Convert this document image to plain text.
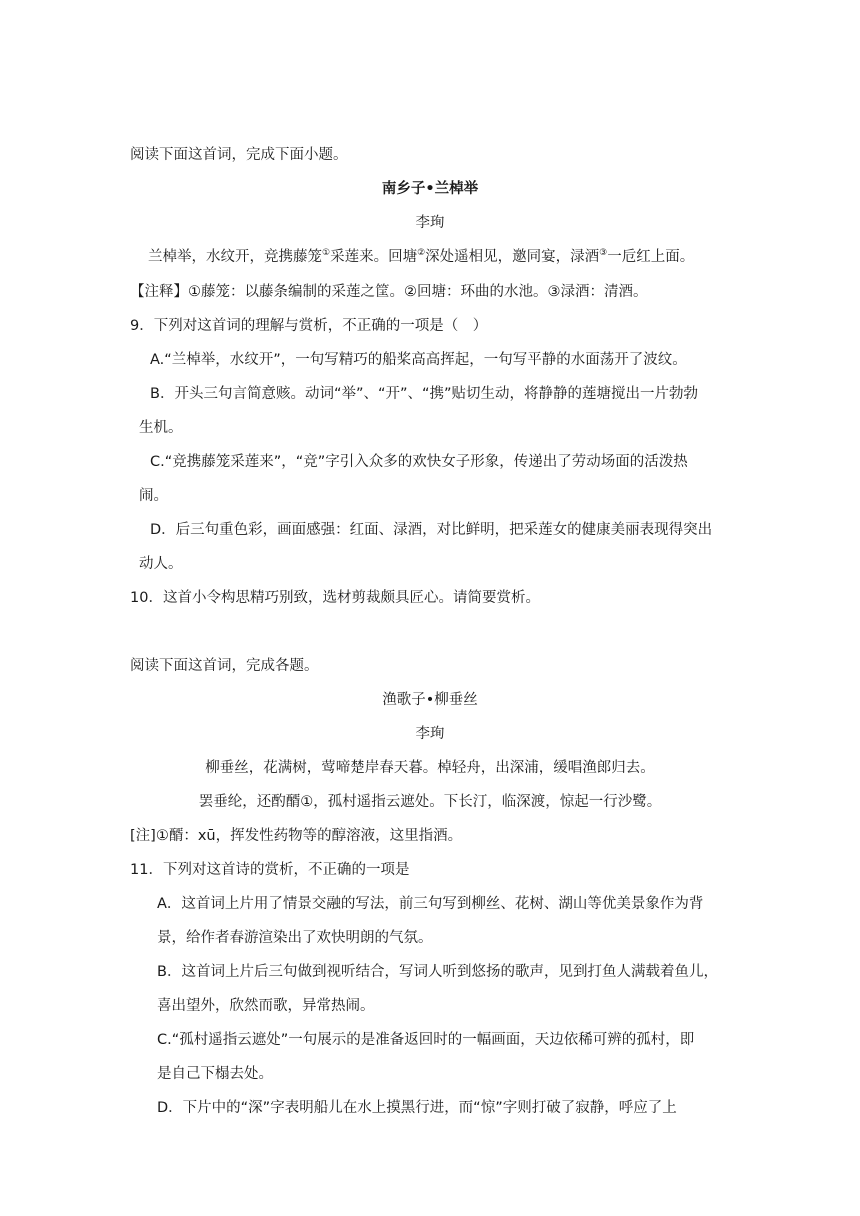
阅读下面这首词，完成下面小题。
南乡子•兰棹举
李珣
兰棹举，水纹开，竞携藤笼①采莲来。回塘②深处遥相见，邀同宴，渌酒③一卮红上面。
【注释】①藤笼：以藤条编制的采莲之筐。②回塘：环曲的水池。③渌酒：清酒。
9．下列对这首词的理解与赏析，不正确的一项是（　）
A.“兰棹举，水纹开”，一句写精巧的船桨高高挥起，一句写平静的水面荡开了波纹。
B．开头三句言简意赅。动词“举”、“开”、“携”贴切生动，将静静的莲塘搅出一片勃勃
生机。
C.“竞携藤笼采莲来”，“竞”字引入众多的欢快女子形象，传递出了劳动场面的活泼热
闹。
D．后三句重色彩，画面感强：红面、渌酒，对比鲜明，把采莲女的健康美丽表现得突出
动人。
10．这首小令构思精巧别致，选材剪裁颇具匠心。请简要赏析。
阅读下面这首词，完成各题。
渔歌子•柳垂丝
李珣
柳垂丝，花满树，莺啼楚岸春天暮。棹轻舟，出深浦，缓唱渔郎归去。
罢垂纶，还酌醑①，孤村遥指云遮处。下长汀，临深渡，惊起一行沙鹭。
[注]①醑：xū，挥发性药物等的醇溶液，这里指酒。
11．下列对这首诗的赏析，不正确的一项是
A．这首词上片用了情景交融的写法，前三句写到柳丝、花树、湖山等优美景象作为背
景，给作者春游渲染出了欢快明朗的气氛。
B．这首词上片后三句做到视听结合，写词人听到悠扬的歌声，见到打鱼人满载着鱼儿，
喜出望外，欣然而歌，异常热闹。
C.“孤村遥指云遮处”一句展示的是准备返回时的一幅画面，天边依稀可辨的孤村，即
是自己下榻去处。
D．下片中的“深”字表明船儿在水上摸黑行进，而“惊”字则打破了寂静，呼应了上
